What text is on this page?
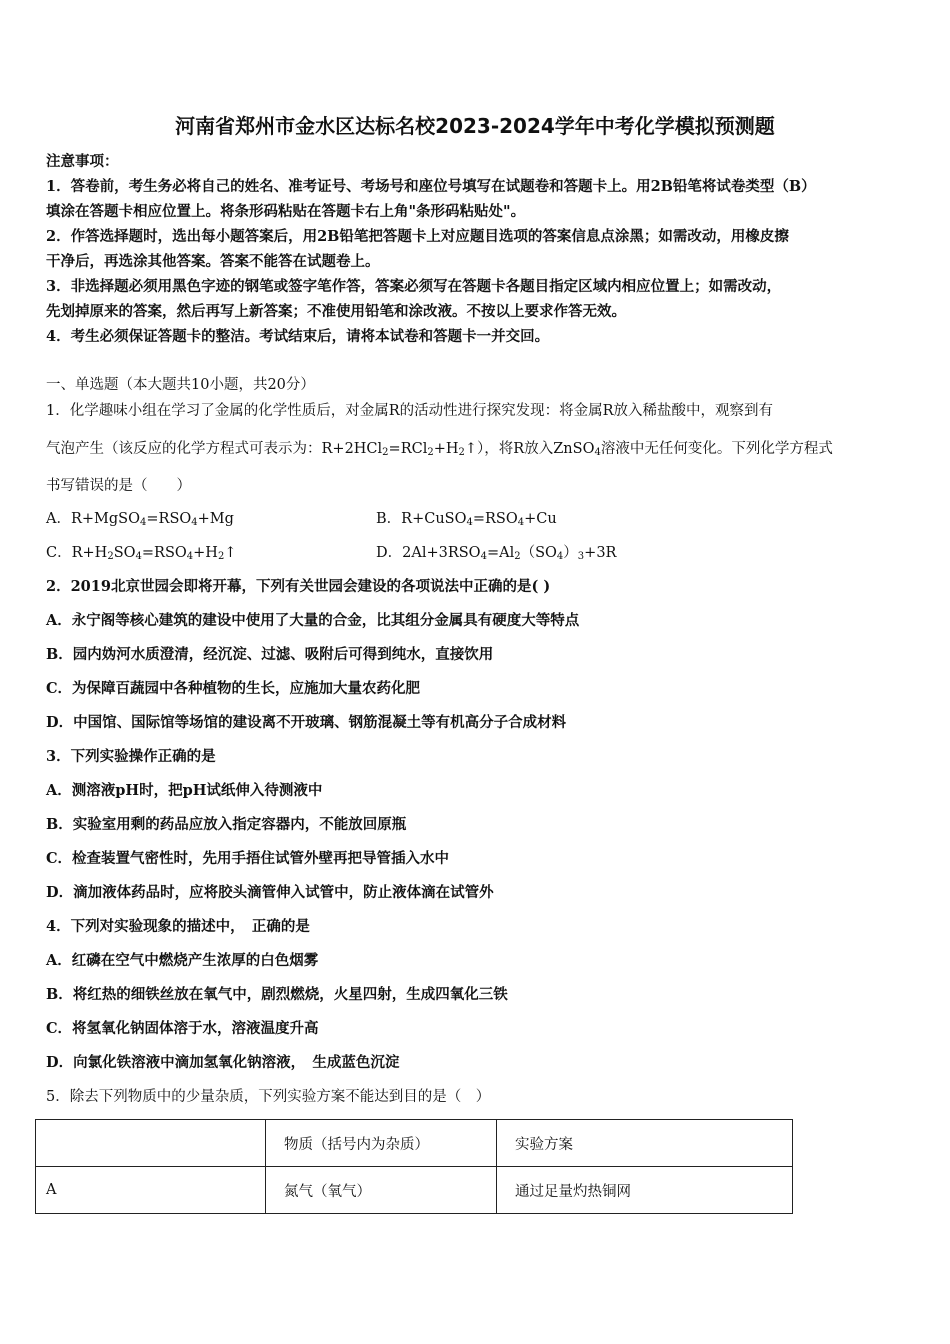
河南省郑州市金水区达标名校2023-2024学年中考化学模拟预测题
注意事项：
1．答卷前，考生务必将自己的姓名、准考证号、考场号和座位号填写在试题卷和答题卡上。用2B铅笔将试卷类型（B）
填涂在答题卡相应位置上。将条形码粘贴在答题卡右上角"条形码粘贴处"。
2．作答选择题时，选出每小题答案后，用2B铅笔把答题卡上对应题目选项的答案信息点涂黑；如需改动，用橡皮擦
干净后，再选涂其他答案。答案不能答在试题卷上。
3．非选择题必须用黑色字迹的钢笔或签字笔作答，答案必须写在答题卡各题目指定区域内相应位置上；如需改动，
先划掉原来的答案，然后再写上新答案；不准使用铅笔和涂改液。不按以上要求作答无效。
4．考生必须保证答题卡的整洁。考试结束后，请将本试卷和答题卡一并交回。
一、单选题（本大题共10小题，共20分）
1．化学趣味小组在学习了金属的化学性质后，对金属R的活动性进行探究发现：将金属R放入稀盐酸中，观察到有
气泡产生（该反应的化学方程式可表示为：$R+2HCl_2=RCl_2+H_2↑$），将R放入ZnSO$_4$溶液中无任何变化。下列化学方程式
书写错误的是（　　）
A．$R+MgSO_4=RSO_4+Mg$	B．$R+CuSO_4=RSO_4+Cu$
C．$R+H_2SO_4=RSO_4+H_2↑$	D．$2Al+3RSO_4=Al_2(SO_4)_3+3R$
2．2019北京世园会即将开幕，下列有关世园会建设的各项说法中正确的是( )
A．永宁阁等核心建筑的建设中使用了大量的合金，比其组分金属具有硬度大等特点
B．园内妫河水质澄清，经沉淀、过滤、吸附后可得到纯水，直接饮用
C．为保障百蔬园中各种植物的生长，应施加大量农药化肥
D．中国馆、国际馆等场馆的建设离不开玻璃、钢筋混凝土等有机高分子合成材料
3．下列实验操作正确的是
A．测溶液pH时，把pH试纸伸入待测液中
B．实验室用剩的药品应放入指定容器内，不能放回原瓶
C．检查装置气密性时，先用手捂住试管外壁再把导管插入水中
D．滴加液体药品时，应将胶头滴管伸入试管中，防止液体滴在试管外
4．下列对实验现象的描述中，　正确的是
A．红磷在空气中燃烧产生浓厚的白色烟雾
B．将红热的细铁丝放在氧气中，剧烈燃烧，火星四射，生成四氧化三铁
C．将氢氧化钠固体溶于水，溶液温度升高
D．向氯化铁溶液中滴加氢氧化钠溶液，　生成蓝色沉淀
5．除去下列物质中的少量杂质，下列实验方案不能达到目的是（　）
	物质（括号内为杂质）	实验方案
A	氮气（氧气）	通过足量灼热铜网
